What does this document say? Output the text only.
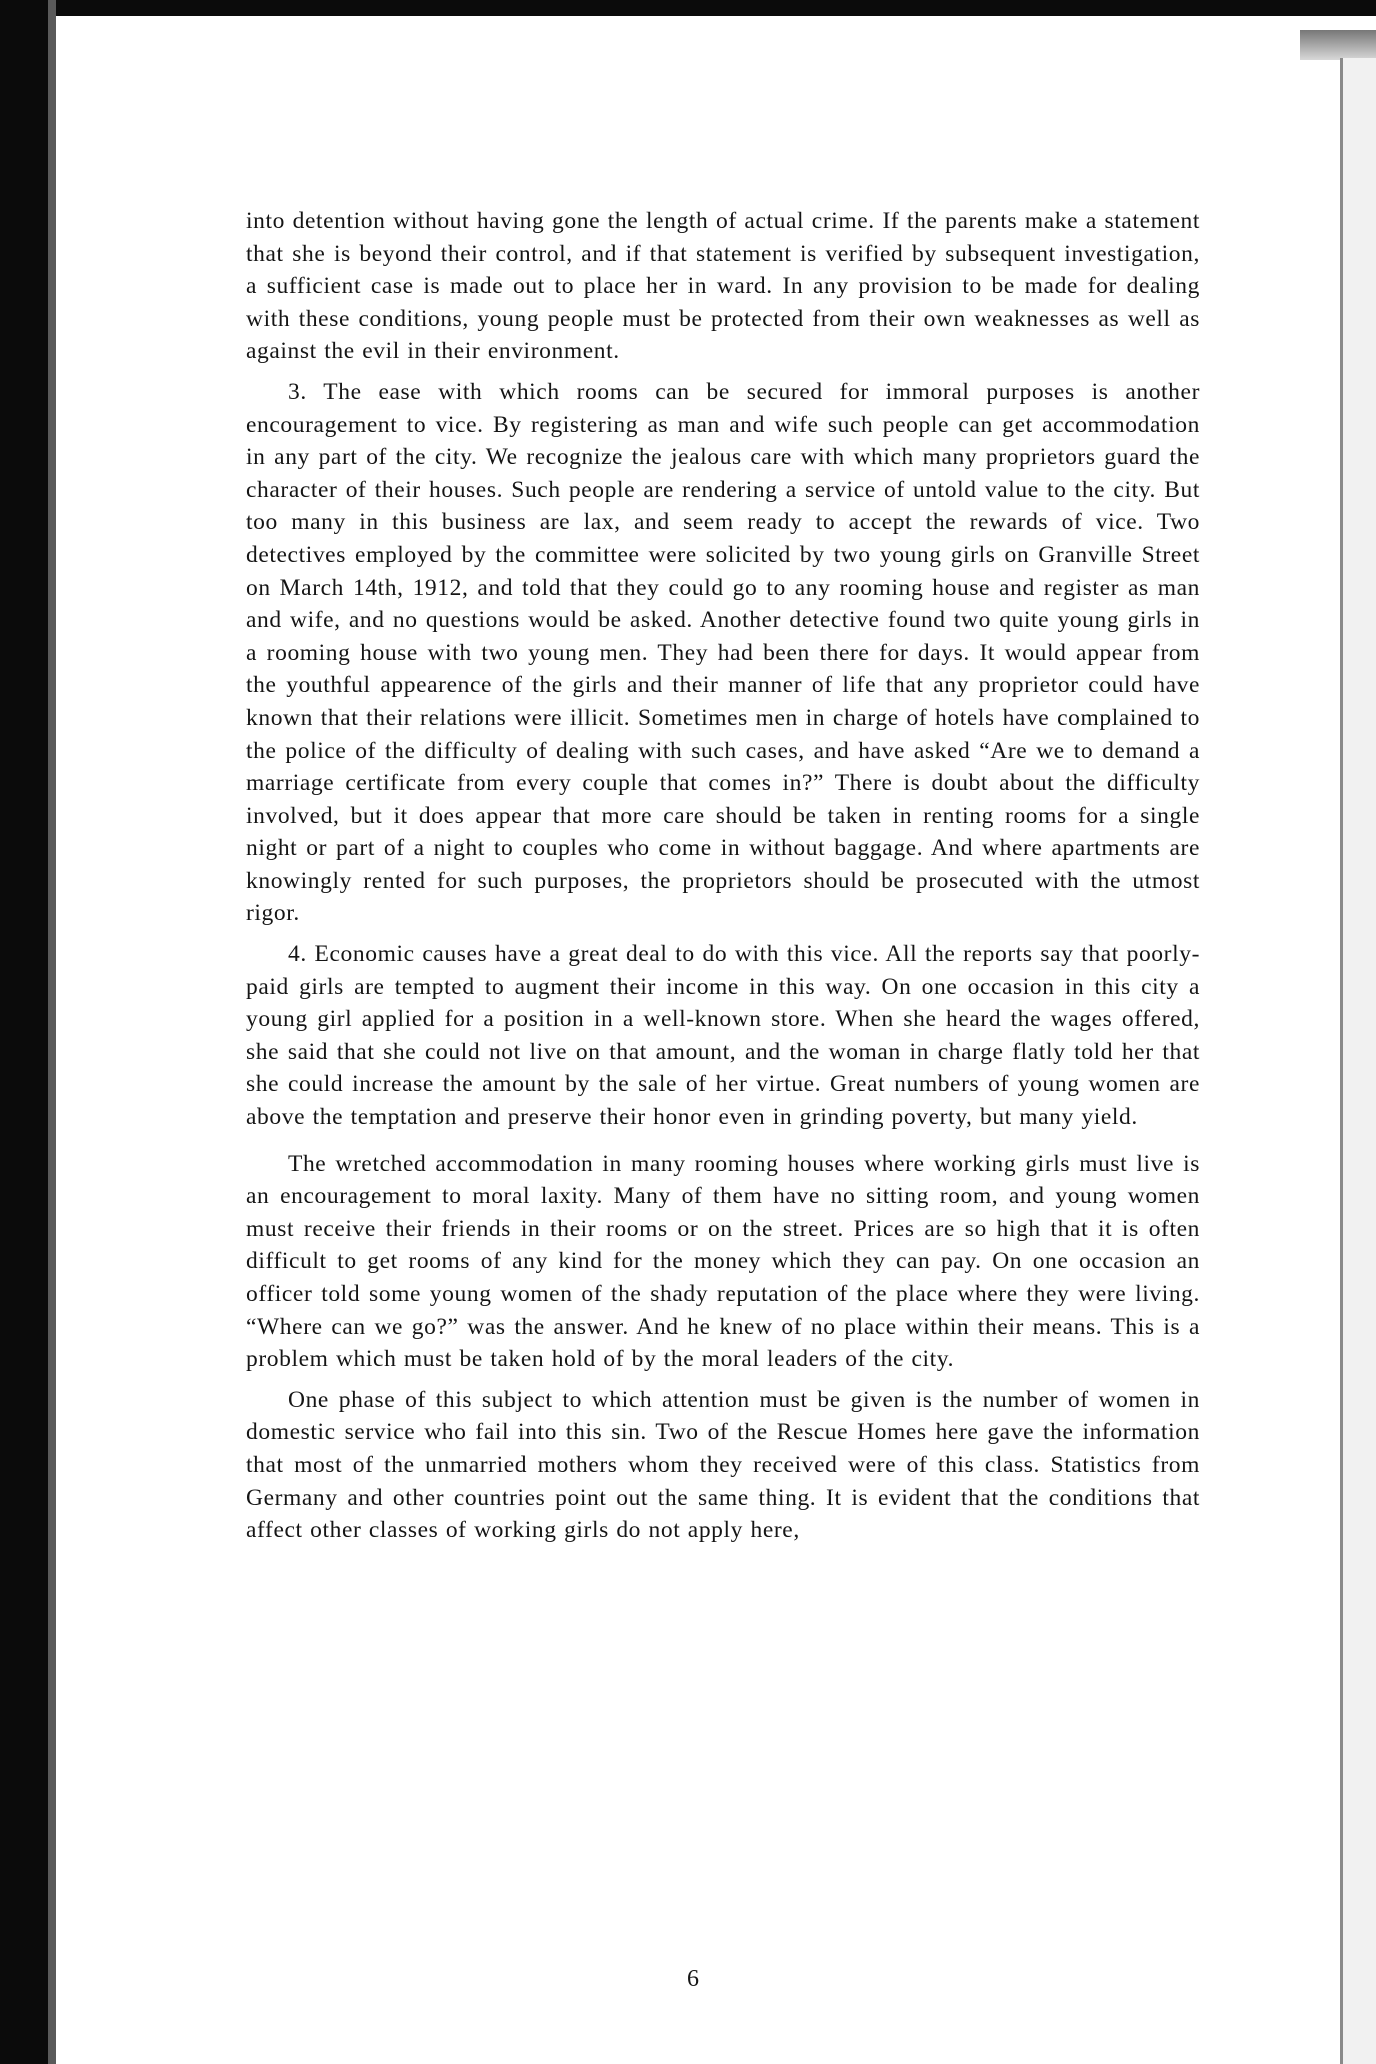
into detention without having gone the length of actual crime. If the parents make a statement that she is beyond their control, and if that statement is verified by subsequent investigation, a sufficient case is made out to place her in ward. In any provision to be made for dealing with these conditions, young people must be protected from their own weaknesses as well as against the evil in their environment.

3. The ease with which rooms can be secured for immoral purposes is another encouragement to vice. By registering as man and wife such people can get accommodation in any part of the city. We recognize the jealous care with which many proprietors guard the character of their houses. Such people are rendering a service of untold value to the city. But too many in this business are lax, and seem ready to accept the rewards of vice. Two detectives employed by the committee were solicited by two young girls on Granville Street on March 14th, 1912, and told that they could go to any rooming house and register as man and wife, and no questions would be asked. Another detective found two quite young girls in a rooming house with two young men. They had been there for days. It would appear from the youthful appearence of the girls and their manner of life that any proprietor could have known that their relations were illicit. Sometimes men in charge of hotels have complained to the police of the difficulty of dealing with such cases, and have asked “Are we to demand a marriage certificate from every couple that comes in?” There is doubt about the difficulty involved, but it does appear that more care should be taken in renting rooms for a single night or part of a night to couples who come in without baggage. And where apartments are knowingly rented for such purposes, the proprietors should be prosecuted with the utmost rigor.

4. Economic causes have a great deal to do with this vice. All the reports say that poorly-paid girls are tempted to augment their income in this way. On one occasion in this city a young girl applied for a position in a well-known store. When she heard the wages offered, she said that she could not live on that amount, and the woman in charge flatly told her that she could increase the amount by the sale of her virtue. Great numbers of young women are above the temptation and preserve their honor even in grinding poverty, but many yield.

The wretched accommodation in many rooming houses where working girls must live is an encouragement to moral laxity. Many of them have no sitting room, and young women must receive their friends in their rooms or on the street. Prices are so high that it is often difficult to get rooms of any kind for the money which they can pay. On one occasion an officer told some young women of the shady reputation of the place where they were living. “Where can we go?” was the answer. And he knew of no place within their means. This is a problem which must be taken hold of by the moral leaders of the city.

One phase of this subject to which attention must be given is the number of women in domestic service who fail into this sin. Two of the Rescue Homes here gave the information that most of the unmarried mothers whom they received were of this class. Statistics from Germany and other countries point out the same thing. It is evident that the conditions that affect other classes of working girls do not apply here,

6
